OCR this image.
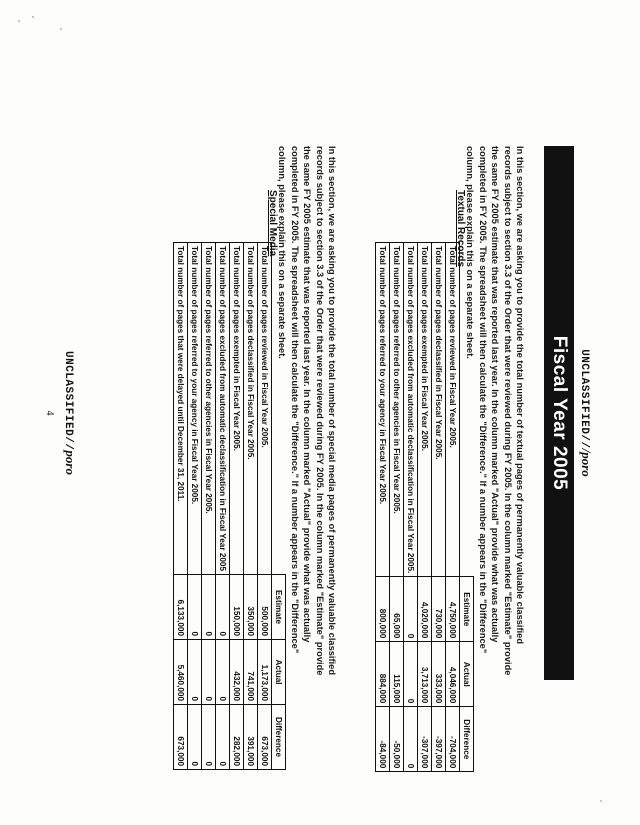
UNCLASSIFIED///poro
Fiscal Year 2005
In this section, we are asking you to provide the total number of textual pages of permanently valuable classified records subject to section 3.3 of the Order that were reviewed during FY 2005. In the column marked "Estimate" provide the same FY 2005 estimate that was reported last year. In the column marked "Actual" provide what was actually completed in FY 2005. The spreadsheet will then calculate the "Difference." If a number appears in the "Difference" column, please explain this on a separate sheet.
Textual Records
	Estimate	Actual	Difference
Total number of pages reviewed in Fiscal Year 2005.	4,750,000	4,046,000	-704,000
Total number of pages declassified in Fiscal Year 2005.	730,000	333,000	-397,000
Total number of pages exempted in Fiscal Year 2005.	4,020,000	3,713,000	-307,000
Total number of pages excluded from automatic declassification in Fiscal Year 2005.	0	0	0
Total number of pages referred to other agencies in Fiscal Year 2005.	65,000	115,000	-50,000
Total number of pages referred to your agency in Fiscal Year 2005.	800,000	884,000	-84,000
In this section, we are asking you to provide the total number of special media pages of permanently valuable classified records subject to section 3.3 of the Order that were reviewed during FY 2005. In the column marked "Estimate" provide the same FY 2005 estimate that was reported last year. In the column marked "Actual" provide what was actually completed in FY 2005. The spreadsheet will then calculate the "Difference." If a number appears in the "Difference" column, please explain this on a separate sheet.
Special Media
	Estimate	Actual	Difference
Total number of pages reviewed in Fiscal Year 2005.	500,000	1,173,000	673,000
Total number of pages declassified in Fiscal Year 2005.	350,000	741,000	391,000
Total number of pages exempted in Fiscal Year 2005.	150,000	432,000	282,000
Total number of pages excluded from automatic declassification in Fiscal Year 2005	0	0	0
Total number of pages referred to other agencies in Fiscal Year 2005.	0	0	0
Total number of pages referred to your agency in Fiscal Year 2005.	0	0	0
Total number of pages that were delayed until December 31, 2011.	6,133,000	5,460,000	673,000
UNCLASSIFIED//poro
4
